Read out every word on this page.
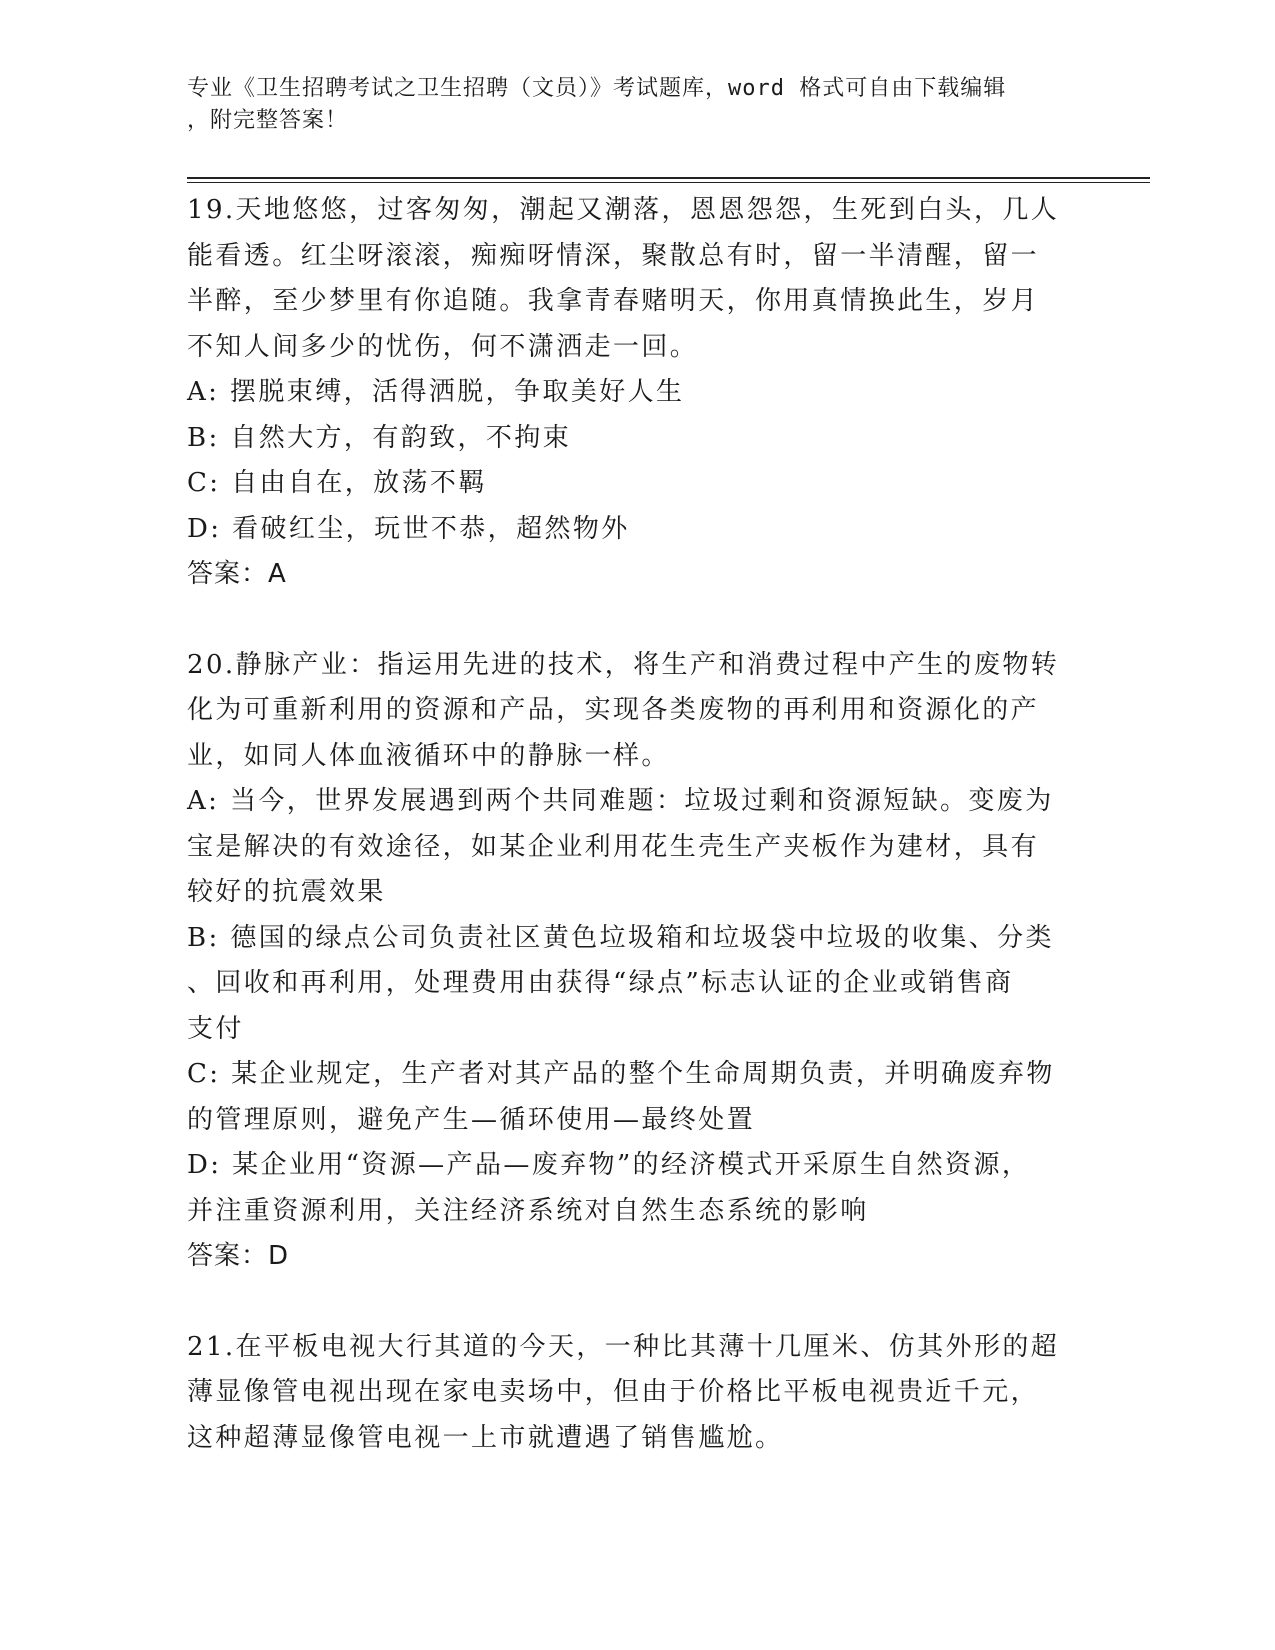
专业《卫生招聘考试之卫生招聘（文员）》考试题库，word 格式可自由下载编辑
，附完整答案！

19.天地悠悠，过客匆匆，潮起又潮落，恩恩怨怨，生死到白头，几人

能看透。红尘呀滚滚，痴痴呀情深，聚散总有时，留一半清醒，留一

半醉，至少梦里有你追随。我拿青春赌明天，你用真情换此生，岁月

不知人间多少的忧伤，何不潇洒走一回。

A: 摆脱束缚，活得洒脱，争取美好人生

B: 自然大方，有韵致，不拘束

C: 自由自在，放荡不羁

D: 看破红尘，玩世不恭，超然物外

答案：A

20.静脉产业：指运用先进的技术，将生产和消费过程中产生的废物转

化为可重新利用的资源和产品，实现各类废物的再利用和资源化的产

业，如同人体血液循环中的静脉一样。

A: 当今，世界发展遇到两个共同难题：垃圾过剩和资源短缺。变废为

宝是解决的有效途径，如某企业利用花生壳生产夹板作为建材，具有

较好的抗震效果

B: 德国的绿点公司负责社区黄色垃圾箱和垃圾袋中垃圾的收集、分类

、回收和再利用，处理费用由获得“绿点”标志认证的企业或销售商

支付

C: 某企业规定，生产者对其产品的整个生命周期负责，并明确废弃物

的管理原则，避免产生—循环使用—最终处置

D: 某企业用“资源—产品—废弃物”的经济模式开采原生自然资源，

并注重资源利用，关注经济系统对自然生态系统的影响

答案：D

21.在平板电视大行其道的今天，一种比其薄十几厘米、仿其外形的超

薄显像管电视出现在家电卖场中，但由于价格比平板电视贵近千元，

这种超薄显像管电视一上市就遭遇了销售尴尬。
